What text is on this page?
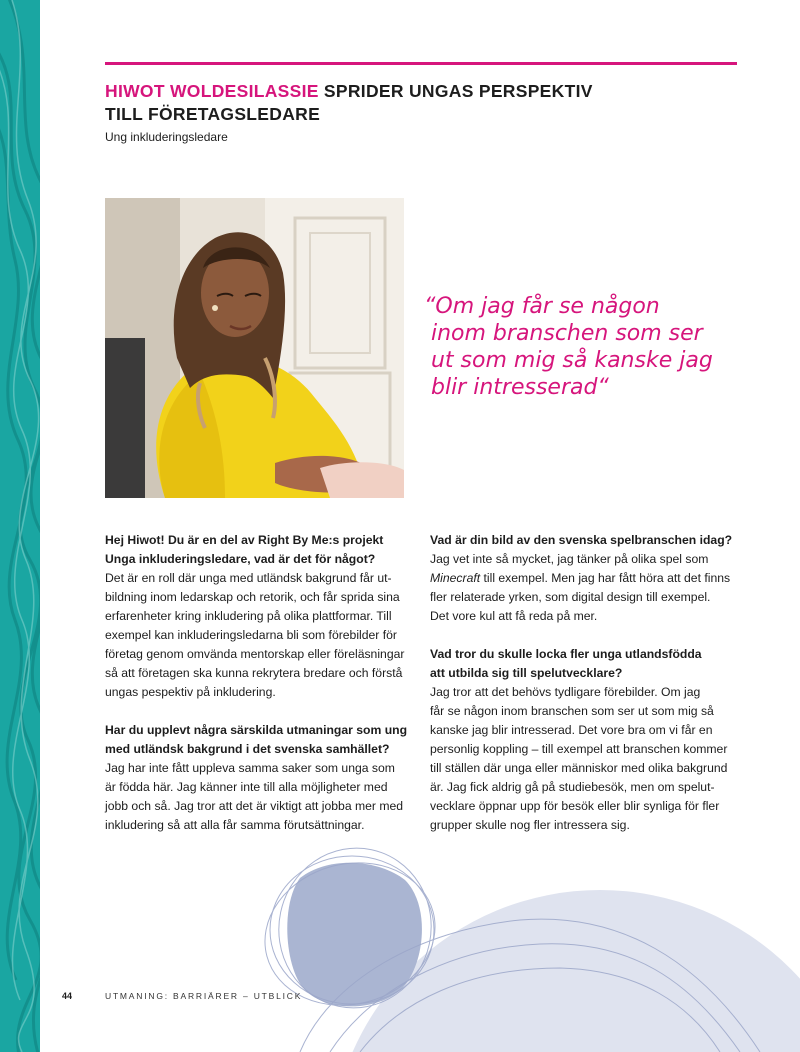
HIWOT WOLDESILASSIE SPRIDER UNGAS PERSPEKTIV
TILL FÖRETAGSLEDARE
Ung inkluderingsledare
“Om jag får se någon
inom branschen som ser
ut som mig så kanske jag
blir intresserad“

Hej Hiwot! Du är en del av Right By Me:s projekt
Unga inkluderingsledare, vad är det för något?

Det är en roll där unga med utländsk bakgrund får ut-
bildning inom ledarskap och retorik, och får sprida sina
erfarenheter kring inkludering på olika plattformar. Till
exempel kan inkluderingsledarna bli som förebilder för
företag genom omvända mentorskap eller föreläsningar
så att företagen ska kunna rekrytera bredare och förstå
ungas pespektiv på inkludering.

Har du upplevt några särskilda utmaningar som ung
med utländsk bakgrund i det svenska samhället?

Jag har inte fått uppleva samma saker som unga som
är födda här. Jag känner inte till alla möjligheter med
jobb och så. Jag tror att det är viktigt att jobba mer med
inkludering så att alla får samma förutsättningar.

Vad är din bild av den svenska spelbranschen idag?

Jag vet inte så mycket, jag tänker på olika spel som
Minecraft till exempel. Men jag har fått höra att det finns
fler relaterade yrken, som digital design till exempel.
Det vore kul att få reda på mer.

Vad tror du skulle locka fler unga utlandsfödda
att utbilda sig till spelutvecklare?

Jag tror att det behövs tydligare förebilder. Om jag
får se någon inom branschen som ser ut som mig så
kanske jag blir intresserad. Det vore bra om vi får en
personlig koppling – till exempel att branschen kommer
till ställen där unga eller människor med olika bakgrund
är. Jag fick aldrig gå på studiebesök, men om spelut-
vecklare öppnar upp för besök eller blir synliga för fler
grupper skulle nog fler intressera sig.

44	UTMANING: BARRIÄRER – UTBLICK
